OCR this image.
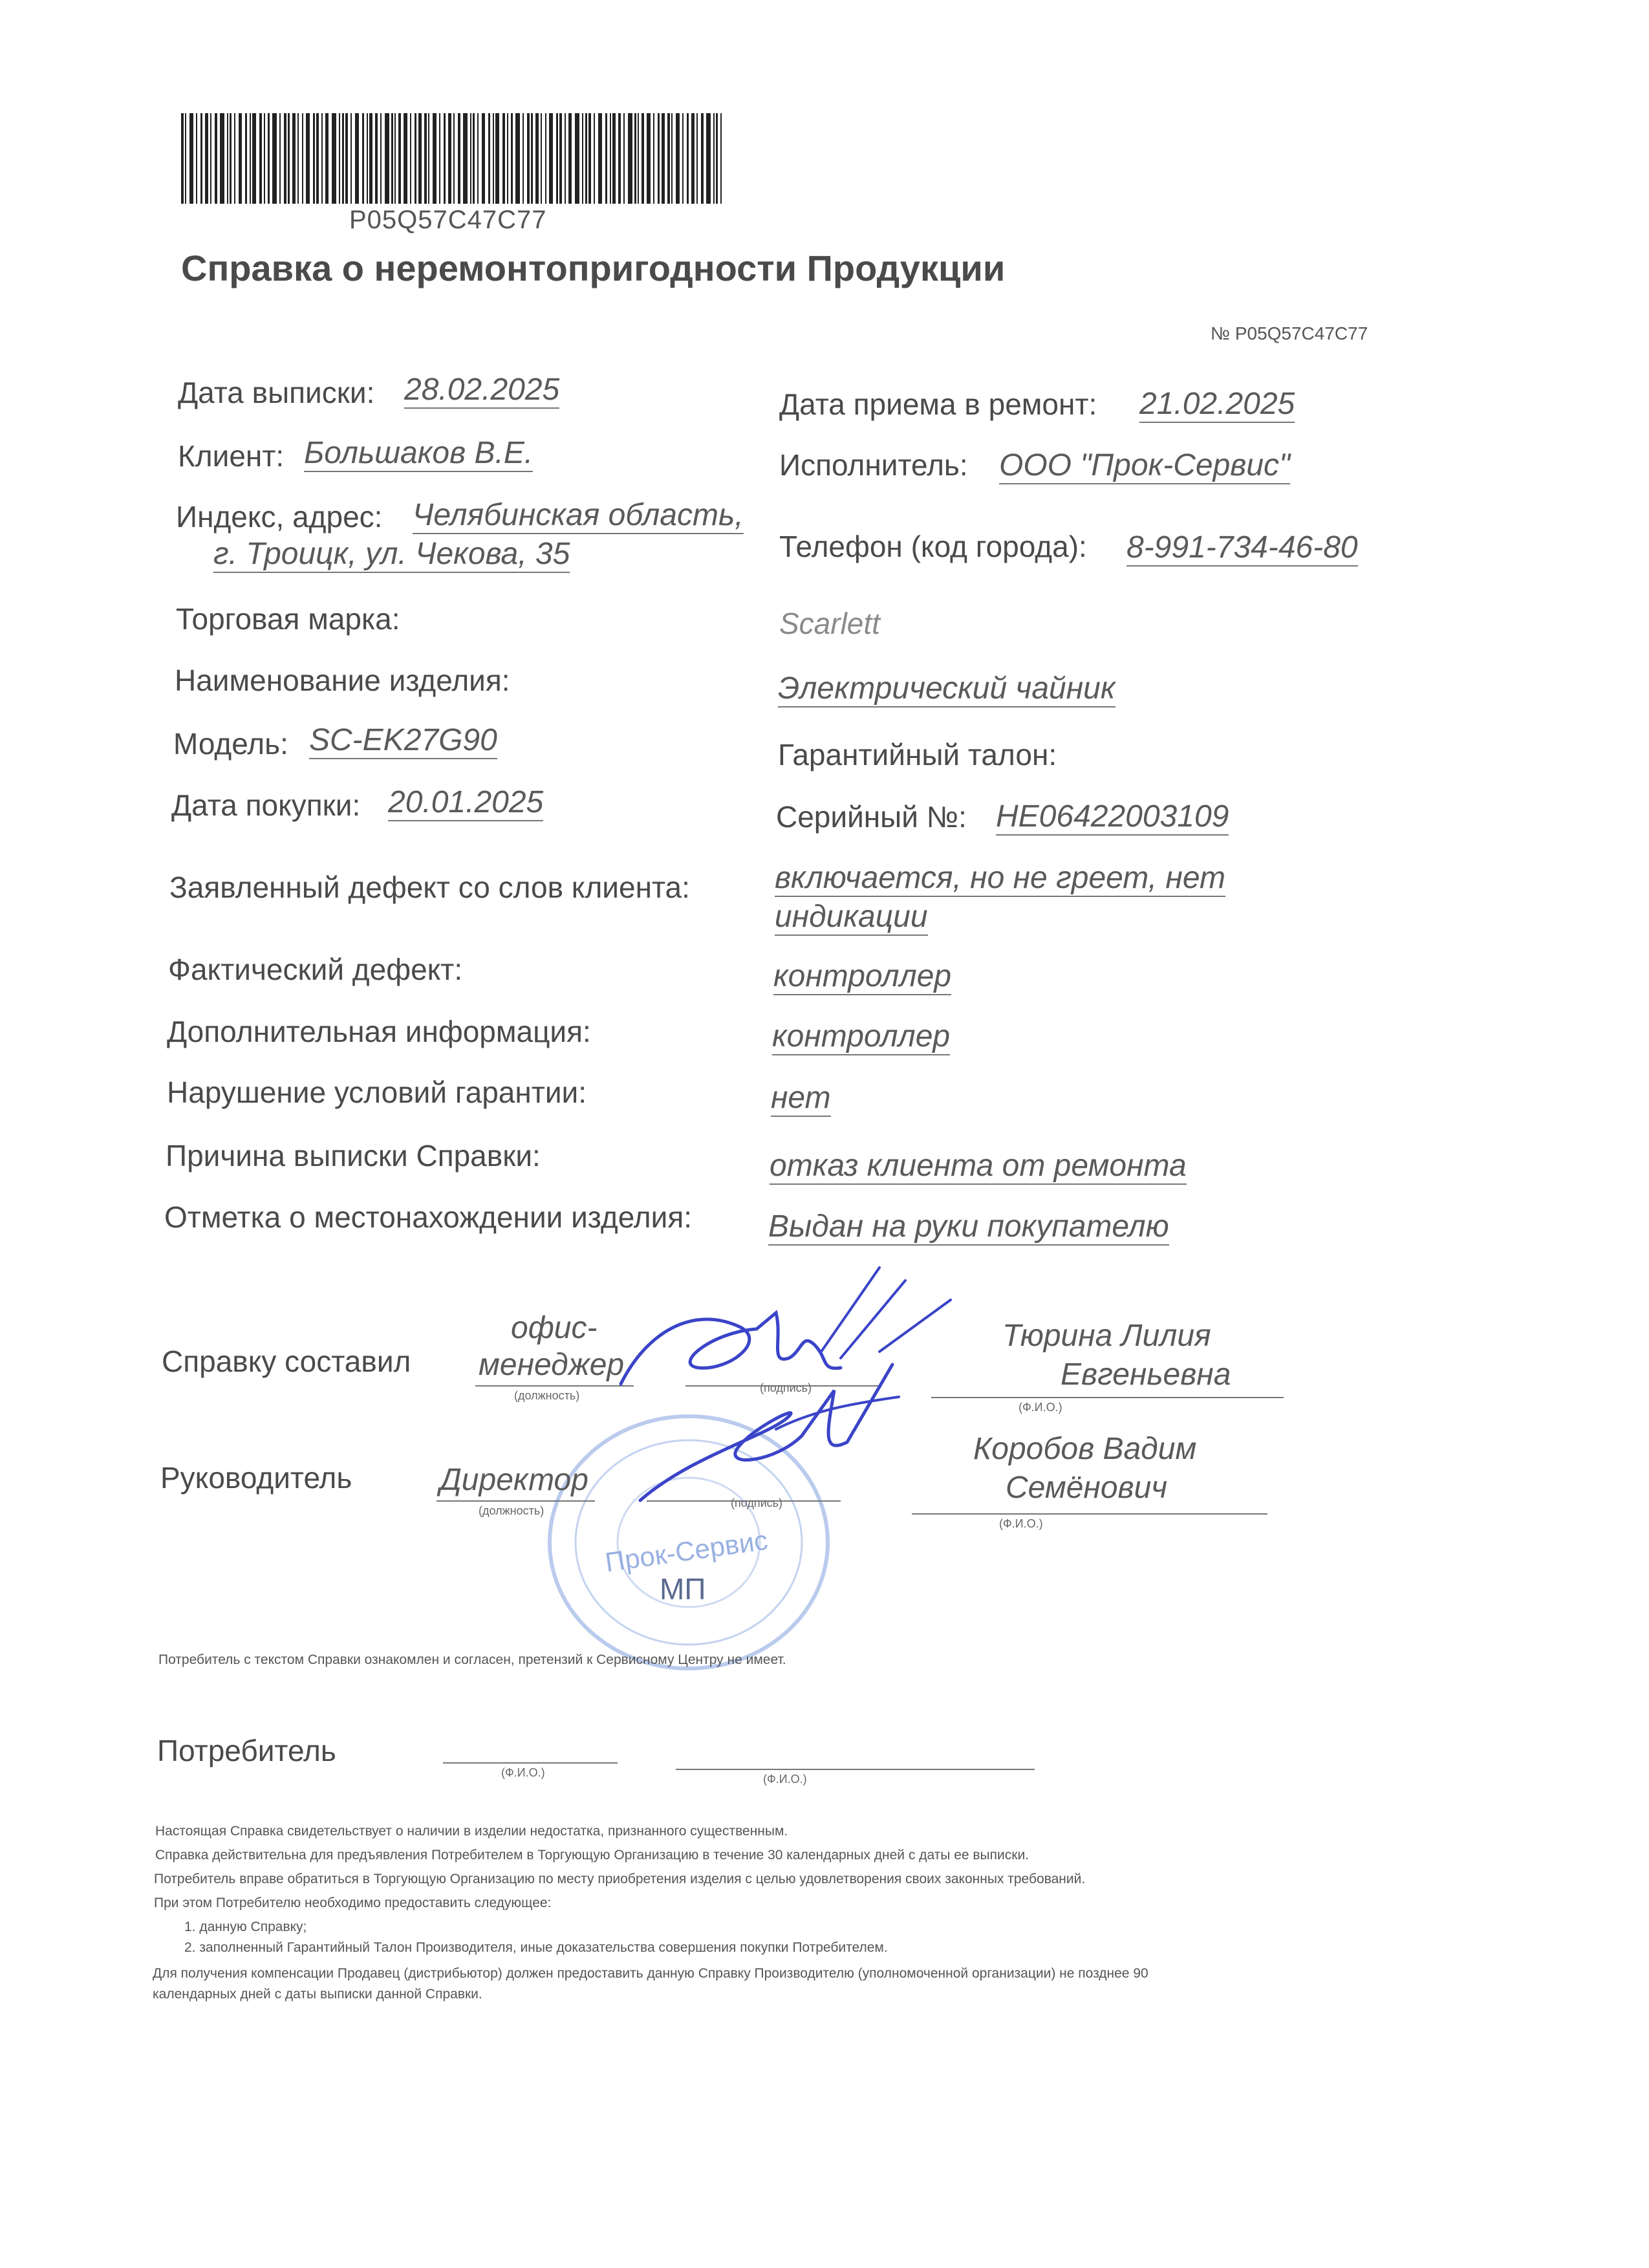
P05Q57C47C77
Справка о неремонтопригодности Продукции
№ P05Q57C47C77
Дата выписки: 28.02.2025
Клиент: Большаков В.Е.
Индекс, адрес: Челябинская область,
г. Троицк, ул. Чекова, 35
Торговая марка:
Наименование изделия:
Модель: SC-EK27G90
Дата покупки: 20.01.2025
Заявленный дефект со слов клиента:
Фактический дефект:
Дополнительная информация:
Нарушение условий гарантии:
Причина выписки Справки:
Отметка о местонахождении изделия:
Дата приема в ремонт: 21.02.2025
Исполнитель: ООО "Прок-Сервис"
Телефон (код города): 8-991-734-46-80
Scarlett
Электрический чайник
Гарантийный талон:
Серийный №: HE06422003109
включается, но не греет, нет
индикации
контроллер
контроллер
нет
отказ клиента от ремонта
Выдан на руки покупателю
Прок-Сервис
МП
Справку составил
офис-
менеджер
(должность)
(подпись)
Тюрина Лилия
Евгеньевна
(Ф.И.О.)
Руководитель	Директор
(должность)
(подпись)
Коробов Вадим
Семёнович
(Ф.И.О.)
Потребитель с текстом Справки ознакомлен и согласен, претензий к Сервисному Центру не имеет.
Потребитель
(Ф.И.О.)	(Ф.И.О.)
Настоящая Справка свидетельствует о наличии в изделии недостатка, признанного существенным.
Справка действительна для предъявления Потребителем в Торгующую Организацию в течение 30 календарных дней с даты ее выписки.
Потребитель вправе обратиться в Торгующую Организацию по месту приобретения изделия с целью удовлетворения своих законных требований.
При этом Потребителю необходимо предоставить следующее:
1. данную Справку;
2. заполненный Гарантийный Талон Производителя, иные доказательства совершения покупки Потребителем.
Для получения компенсации Продавец (дистрибьютор) должен предоставить данную Справку Производителю (уполномоченной организации) не позднее 90
календарных дней с даты выписки данной Справки.
